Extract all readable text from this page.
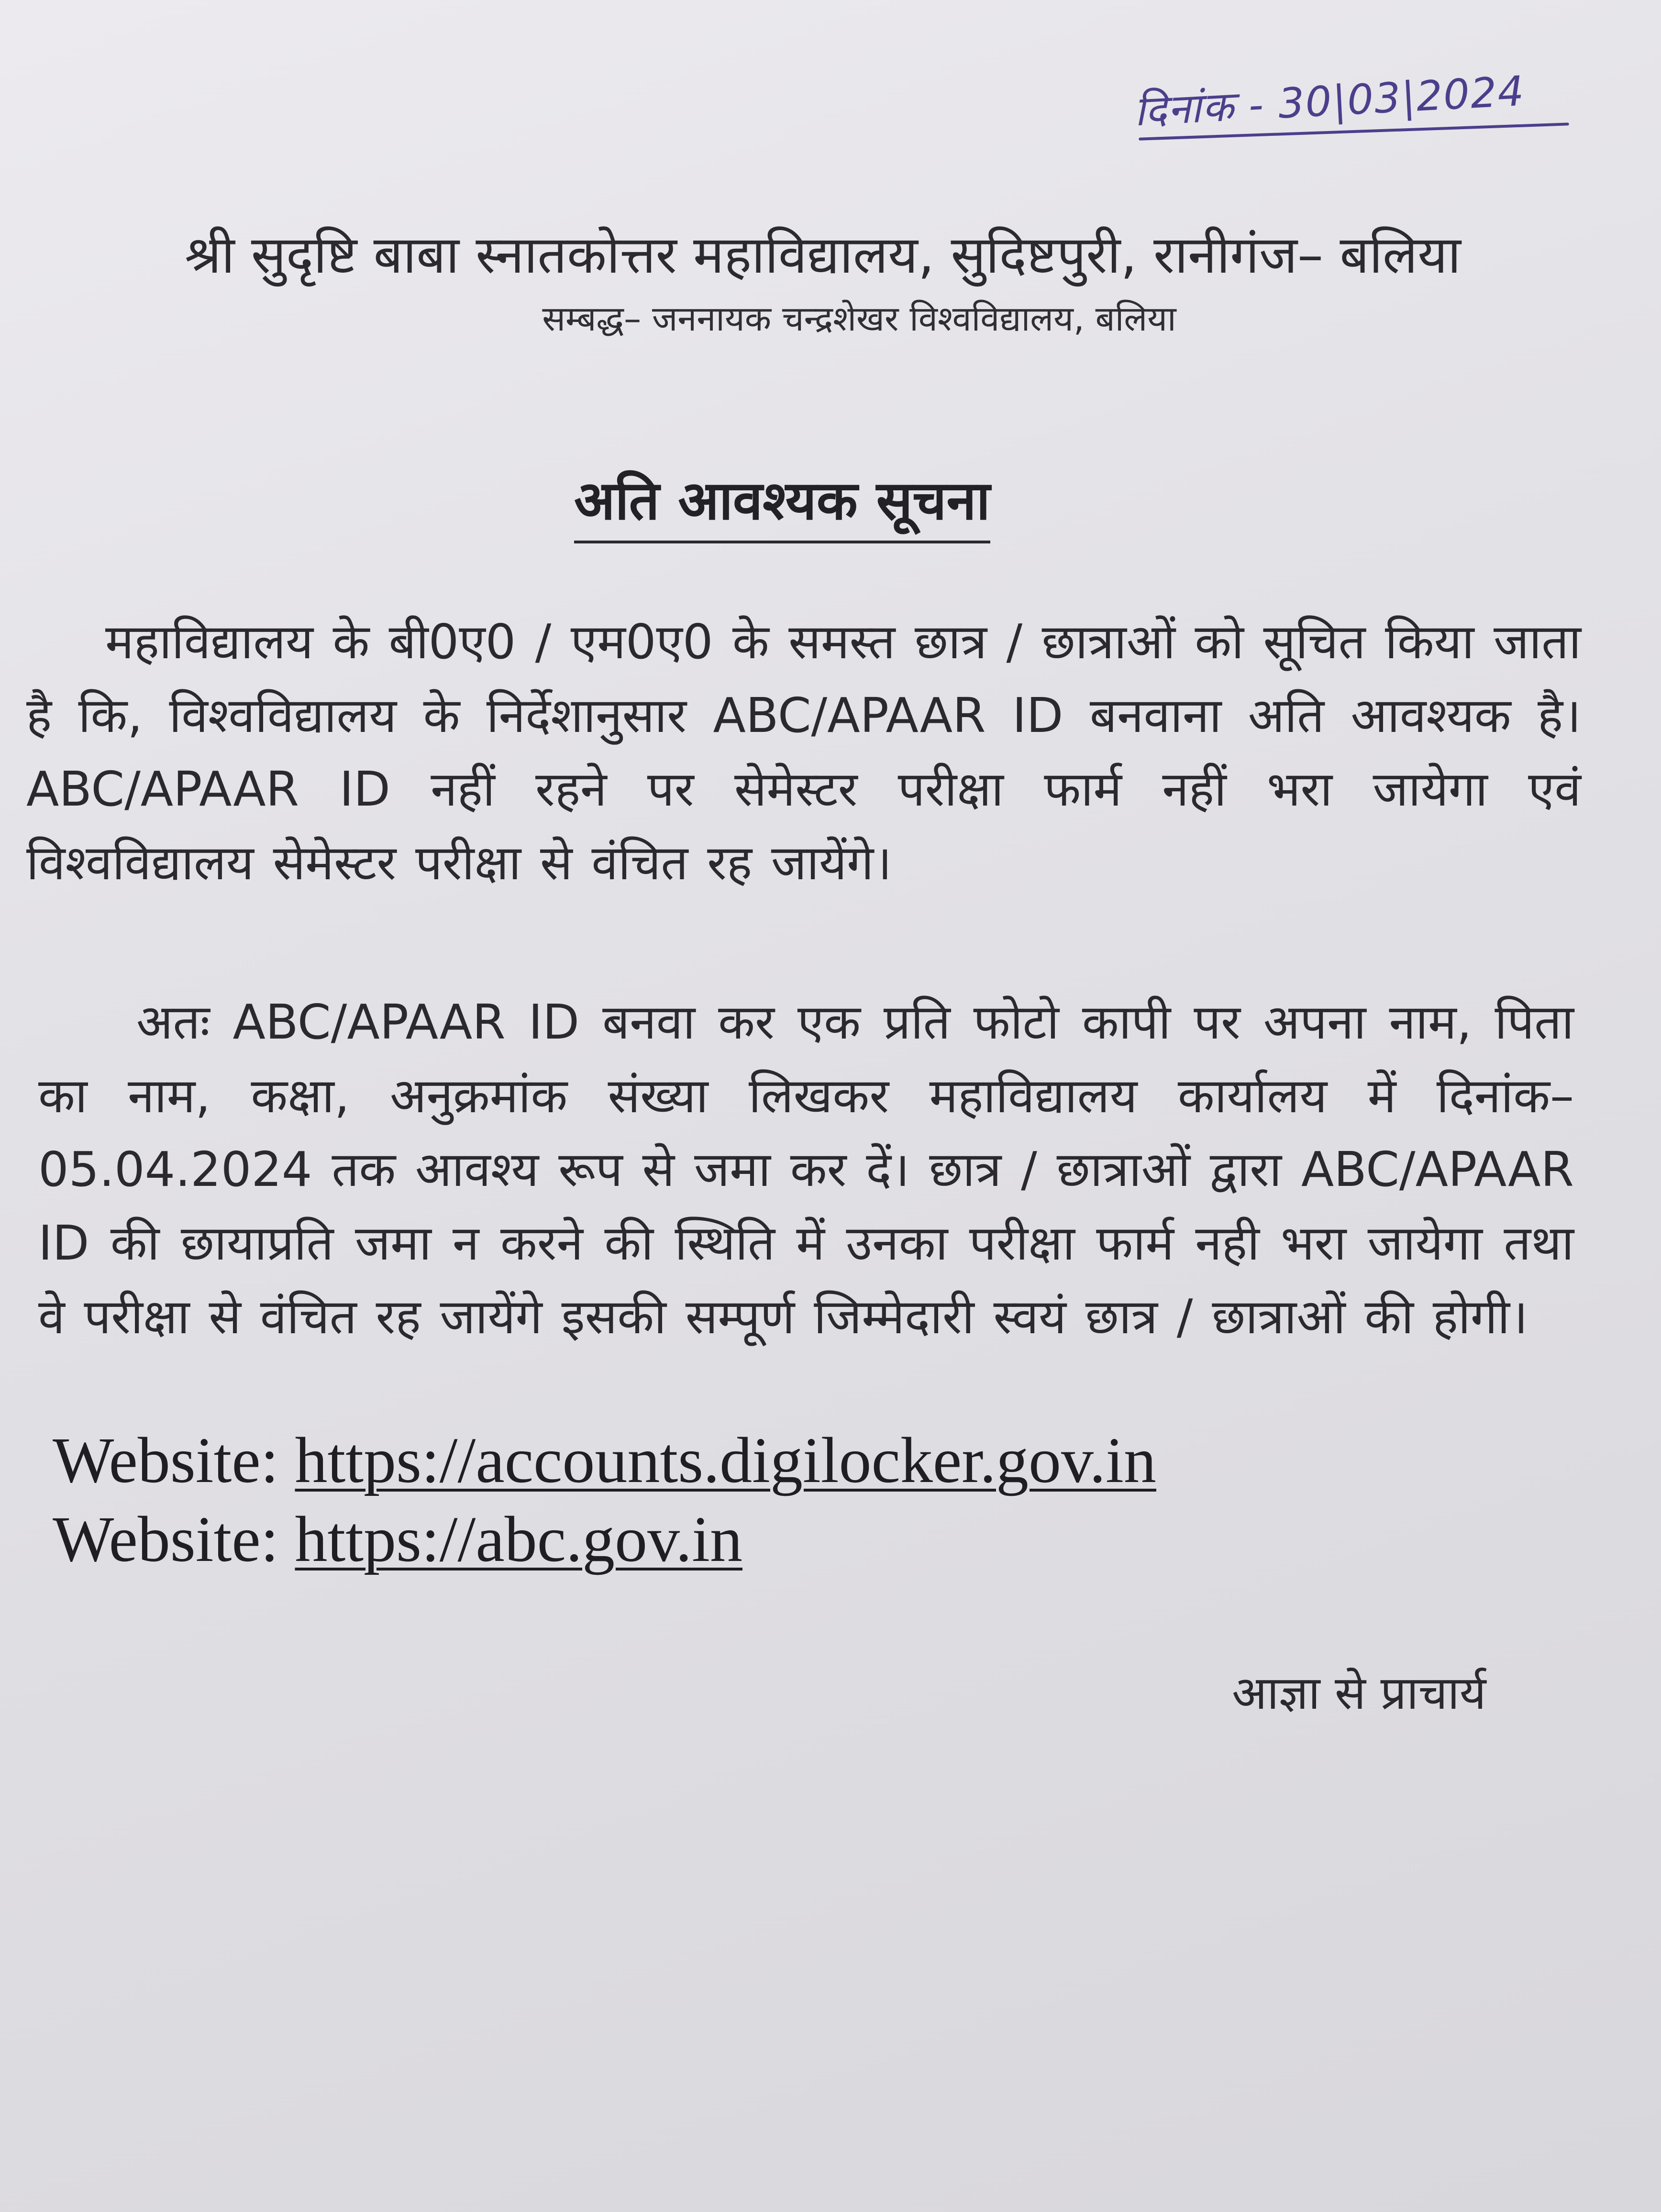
दिनांक - 30|03|2024
श्री सुदृष्टि बाबा स्नातकोत्तर महाविद्यालय, सुदिष्टपुरी, रानीगंज– बलिया
सम्बद्ध– जननायक चन्द्रशेखर विश्वविद्यालय, बलिया
अति आवश्यक सूचना

महाविद्यालय के बी0ए0 / एम0ए0 के समस्त छात्र / छात्राओं को सूचित किया जाता है कि, विश्वविद्यालय के निर्देशानुसार ABC/APAAR ID बनवाना अति आवश्यक है। ABC/APAAR ID नहीं रहने पर सेमेस्टर परीक्षा फार्म नहीं भरा जायेगा एवं विश्वविद्यालय सेमेस्टर परीक्षा से वंचित रह जायेंगे।

अतः ABC/APAAR ID बनवा कर एक प्रति फोटो कापी पर अपना नाम, पिता का नाम, कक्षा, अनुक्रमांक संख्या लिखकर महाविद्यालय कार्यालय में दिनांक– 05.04.2024 तक आवश्य रूप से जमा कर दें। छात्र / छात्राओं द्वारा ABC/APAAR ID की छायाप्रति जमा न करने की स्थिति में उनका परीक्षा फार्म नही भरा जायेगा तथा वे परीक्षा से वंचित रह जायेंगे इसकी सम्पूर्ण जिम्मेदारी स्वयं छात्र / छात्राओं की होगी।

Website: https://accounts.digilocker.gov.in
Website: https://abc.gov.in
आज्ञा से प्राचार्य
